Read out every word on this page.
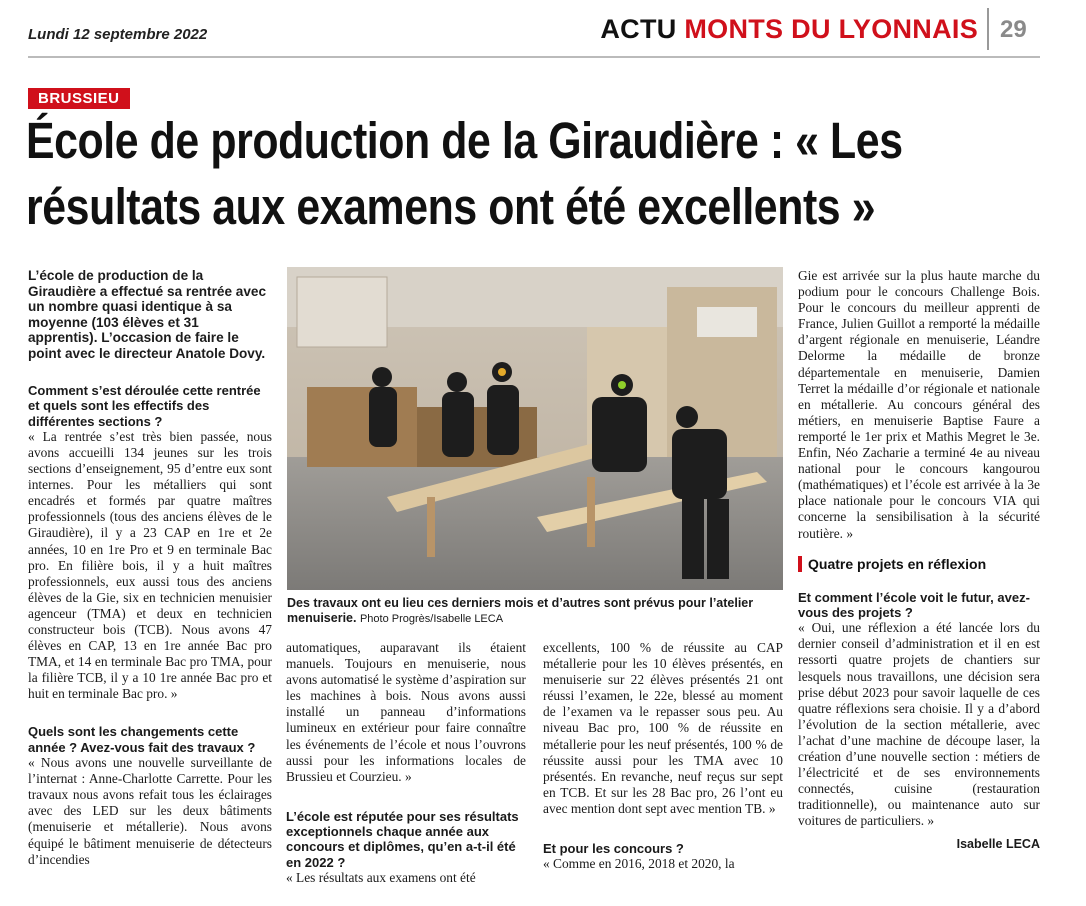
Lundi 12 septembre 2022	ACTU MONTS DU LYONNAIS 29
BRUSSIEU
École de production de la Giraudière : « Les
résultats aux examens ont été excellents »
L’école de production de la Giraudière a effectué sa rentrée avec un nombre quasi identique à sa moyenne (103 élèves et 31 apprentis). L’occasion de faire le point avec le directeur Anatole Dovy.

Comment s’est déroulée cette rentrée et quels sont les effectifs des différentes sections ?

« La rentrée s’est très bien passée, nous avons accueilli 134 jeunes sur les trois sections d’enseignement, 95 d’entre eux sont internes. Pour les métalliers qui sont encadrés et formés par quatre maîtres professionnels (tous des anciens élèves de le Giraudière), il y a 23 CAP en 1re et 2e années, 10 en 1re Pro et 9 en terminale Bac pro. En filière bois, il y a huit maîtres professionnels, eux aussi tous des anciens élèves de la Gie, six en technicien menuisier agenceur (TMA) et deux en technicien constructeur bois (TCB). Nous avons 47 élèves en CAP, 13 en 1re année Bac pro TMA, et 14 en terminale Bac pro TMA, pour la filière TCB, il y a 10 1re année Bac pro et huit en terminale Bac pro. »

Quels sont les changements cette année ? Avez-vous fait des travaux ?

« Nous avons une nouvelle surveillante de l’internat : Anne-Charlotte Carrette. Pour les travaux nous avons refait tous les éclairages avec des LED sur les deux bâtiments (menuiserie et métallerie). Nous avons équipé le bâtiment menuiserie de détecteurs d’incendies

Des travaux ont eu lieu ces derniers mois et d’autres sont prévus pour l’atelier menuiserie. Photo Progrès/Isabelle LECA

automatiques, auparavant ils étaient manuels. Toujours en menuiserie, nous avons automatisé le système d’aspiration sur les machines à bois. Nous avons aussi installé un panneau d’informations lumineux en extérieur pour faire connaître les événements de l’école et nous l’ouvrons aussi pour les informations locales de Brussieu et Courzieu. »

L’école est réputée pour ses résultats exceptionnels chaque année aux concours et diplômes, qu’en a-t-il été en 2022 ?

« Les résultats aux examens ont été

excellents, 100 % de réussite au CAP métallerie pour les 10 élèves présentés, en menuiserie sur 22 élèves présentés 21 ont réussi l’examen, le 22e, blessé au moment de l’examen va le repasser sous peu. Au niveau Bac pro, 100 % de réussite en métallerie pour les neuf présentés, 100 % de réussite aussi pour les TMA avec 10 présentés. En revanche, neuf reçus sur sept en TCB. Et sur les 28 Bac pro, 26 l’ont eu avec mention dont sept avec mention TB. »

Et pour les concours ?

« Comme en 2016, 2018 et 2020, la

Gie est arrivée sur la plus haute marche du podium pour le concours Challenge Bois. Pour le concours du meilleur apprenti de France, Julien Guillot a remporté la médaille d’argent régionale en menuiserie, Léandre Delorme la médaille de bronze départementale en menuiserie, Damien Terret la médaille d’or régionale et nationale en métallerie. Au concours général des métiers, en menuiserie Baptise Faure a remporté le 1er prix et Mathis Megret le 3e. Enfin, Néo Zacharie a terminé 4e au niveau national pour le concours kangourou (mathématiques) et l’école est arrivée à la 3e place nationale pour le concours VIA qui concerne la sensibilisation à la sécurité routière. »

Quatre projets en réflexion

Et comment l’école voit le futur, avez-vous des projets ?

« Oui, une réflexion a été lancée lors du dernier conseil d’administration et il en est ressorti quatre projets de chantiers sur lesquels nous travaillons, une décision sera prise début 2023 pour savoir laquelle de ces quatre réflexions sera choisie. Il y a d’abord l’évolution de la section métallerie, avec l’achat d’une machine de découpe laser, la création d’une nouvelle section : métiers de l’électricité et de ses environnements connectés, cuisine (restauration traditionnelle), ou maintenance auto sur voitures de particuliers. »

Isabelle LECA
